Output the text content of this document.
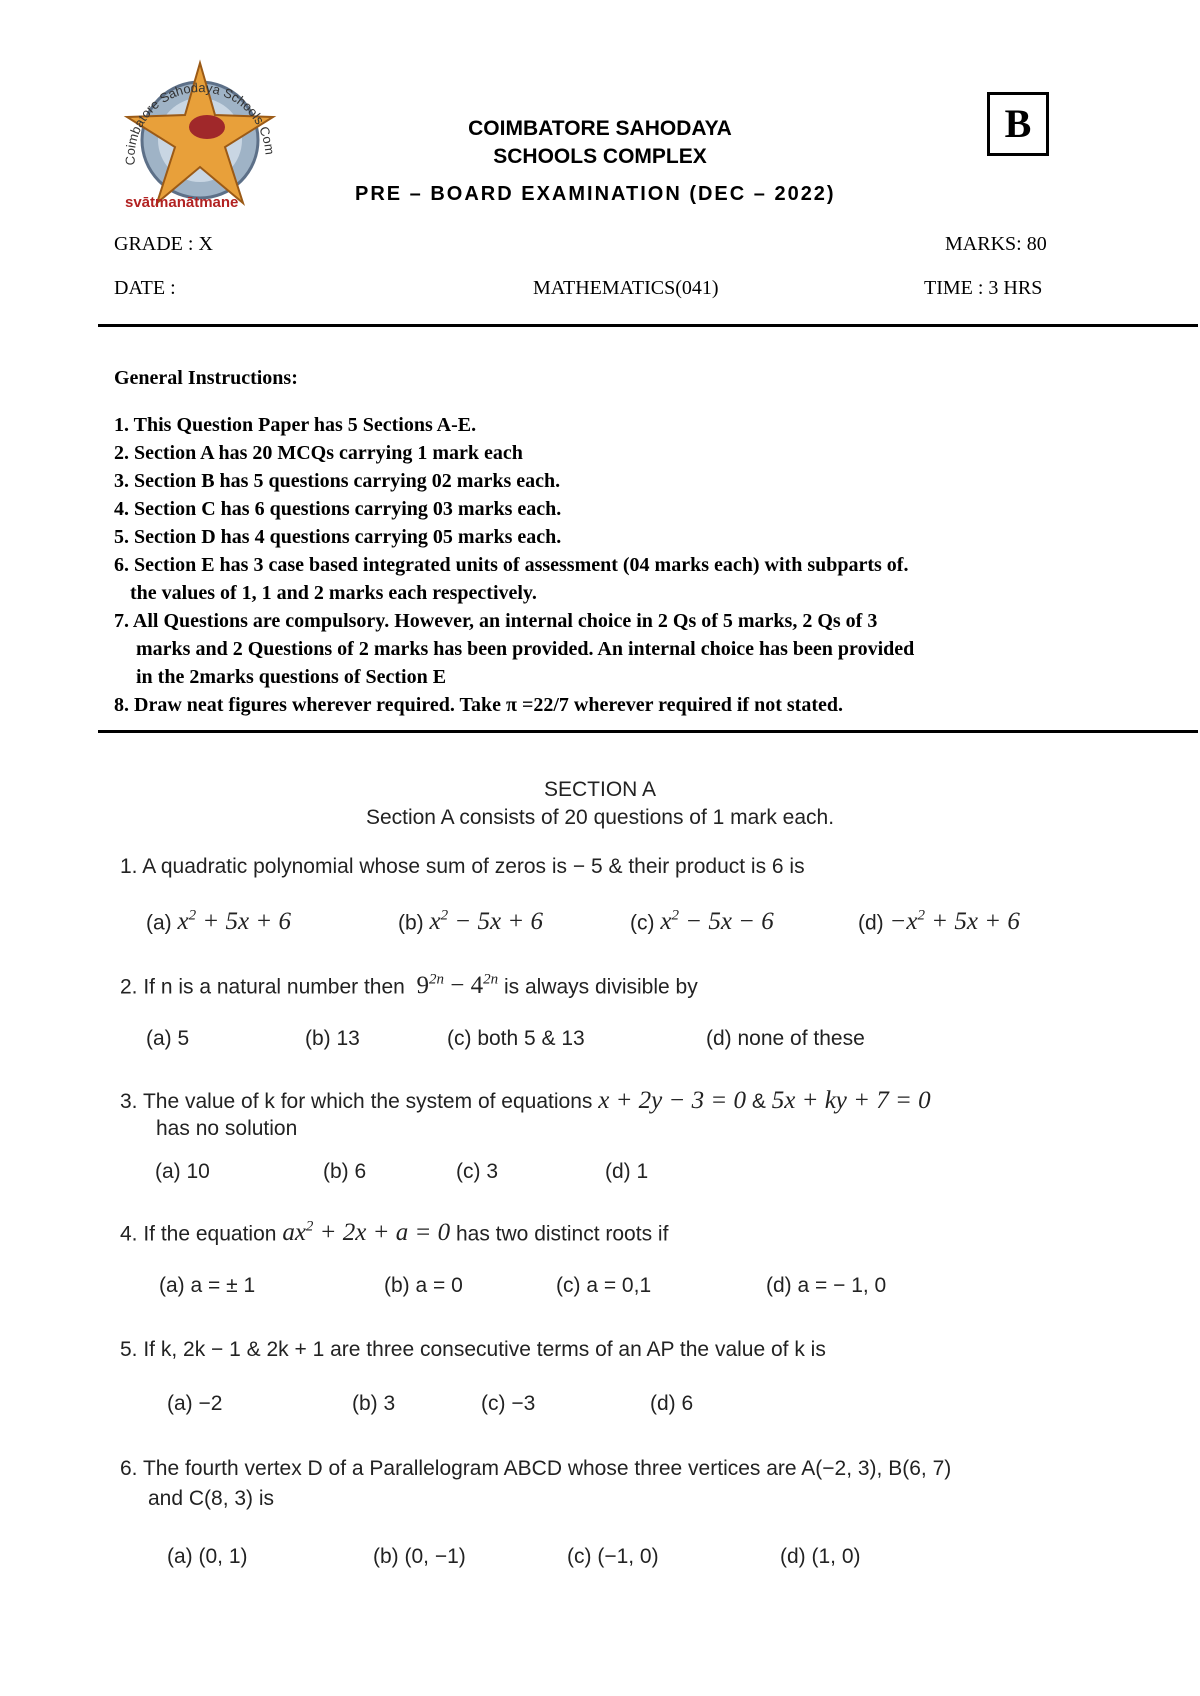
Coimbatore Sahodaya Schools Com
svātmanātmane
COIMBATORE SAHODAYA
SCHOOLS COMPLEX
PRE – BOARD EXAMINATION (DEC – 2022)
B
GRADE : X	MARKS: 80
DATE :	MATHEMATICS(041)	TIME : 3 HRS
General Instructions:
1. This Question Paper has 5 Sections A-E.
2. Section A has 20 MCQs carrying 1 mark each
3. Section B has 5 questions carrying 02 marks each.
4. Section C has 6 questions carrying 03 marks each.
5. Section D has 4 questions carrying 05 marks each.
6. Section E has 3 case based integrated units of assessment (04 marks each) with subparts of.
the values of 1, 1 and 2 marks each respectively.
7. All Questions are compulsory. However, an internal choice in 2 Qs of 5 marks, 2 Qs of 3
marks and 2 Questions of 2 marks has been provided. An internal choice has been provided
in the 2marks questions of Section E
8. Draw neat figures wherever required. Take π =22/7 wherever required if not stated.
SECTION A
Section A consists of 20 questions of 1 mark each.
1. A quadratic polynomial whose sum of zeros is − 5 & their product is 6 is
(a) $x^2 + 5x + 6$	(b) $x^2 - 5x + 6$	(c) $x^2 - 5x - 6$	$(d) -x^2 + 5x + 6$
2. If n is a natural number then $9^{2n} - 4^{2n}$ is always divisible by
(a) 5	(b) 13	(c) both 5 & 13	(d) none of these
3. The value of k for which the system of equations x + 2y − 3 = 0 & 5x + ky + 7 = 0
has no solution
(a) 10	(b) 6	(c) 3	(d) 1
4. If the equation $ax^2 + 2x + a = 0$ has two distinct roots if
(a) a = ± 1	(b) a = 0	(c) a = 0,1	(d) a = − 1, 0
5. If k, 2k − 1 & 2k + 1 are three consecutive terms of an AP the value of k is
(a) −2	(b) 3	(c) −3	(d) 6
6. The fourth vertex D of a Parallelogram ABCD whose three vertices are A(−2, 3), B(6, 7)
and C(8, 3) is
(a) (0, 1)	(b) (0, −1)	(c) (−1, 0)	(d) (1, 0)
